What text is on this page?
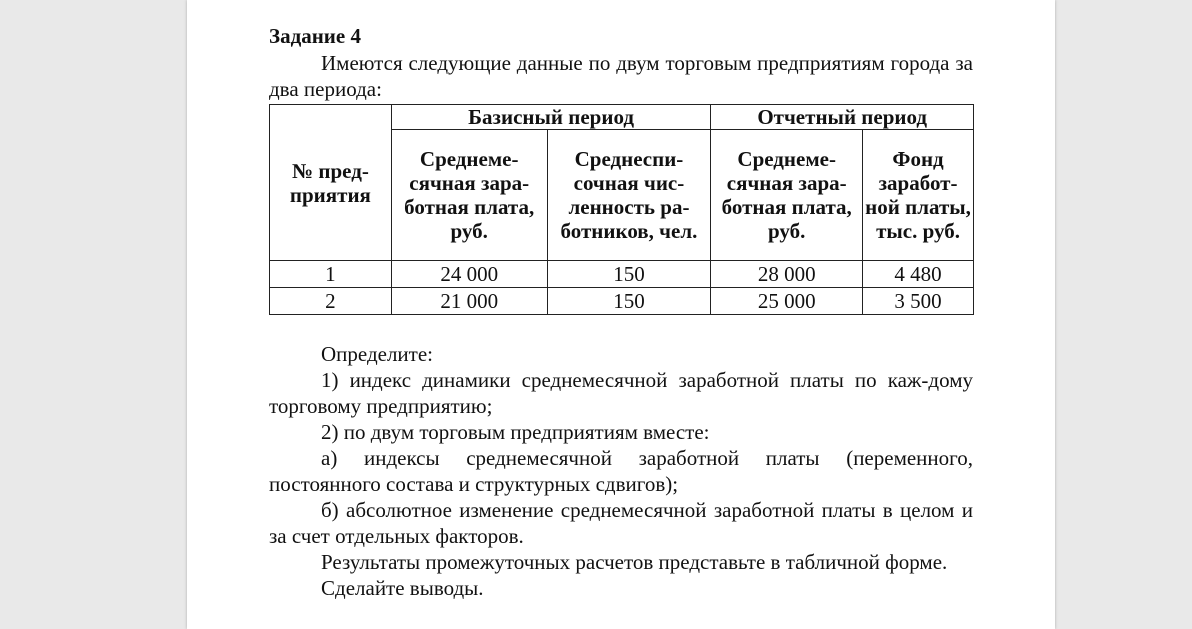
Задание 4

Имеются следующие данные по двум торговым предприятиям города за два периода:

№ пред-приятия	Базисный период		Отчетный период	
	Среднеме-сячная зара-ботная плата, руб.	Среднеспи-сочная чис-ленность ра-ботников, чел.	Среднеме-сячная зара-ботная плата, руб.	Фонд заработ-ной платы, тыс. руб.
1	24 000	150	28 000	4 480
2	21 000	150	25 000	3 500

Определите:

1) индекс динамики среднемесячной заработной платы по каж-дому торговому предприятию;

2) по двум торговым предприятиям вместе:

а) индексы среднемесячной заработной платы (переменного, постоянного состава и структурных сдвигов);

б) абсолютное изменение среднемесячной заработной платы в целом и за счет отдельных факторов.

Результаты промежуточных расчетов представьте в табличной форме.

Сделайте выводы.
